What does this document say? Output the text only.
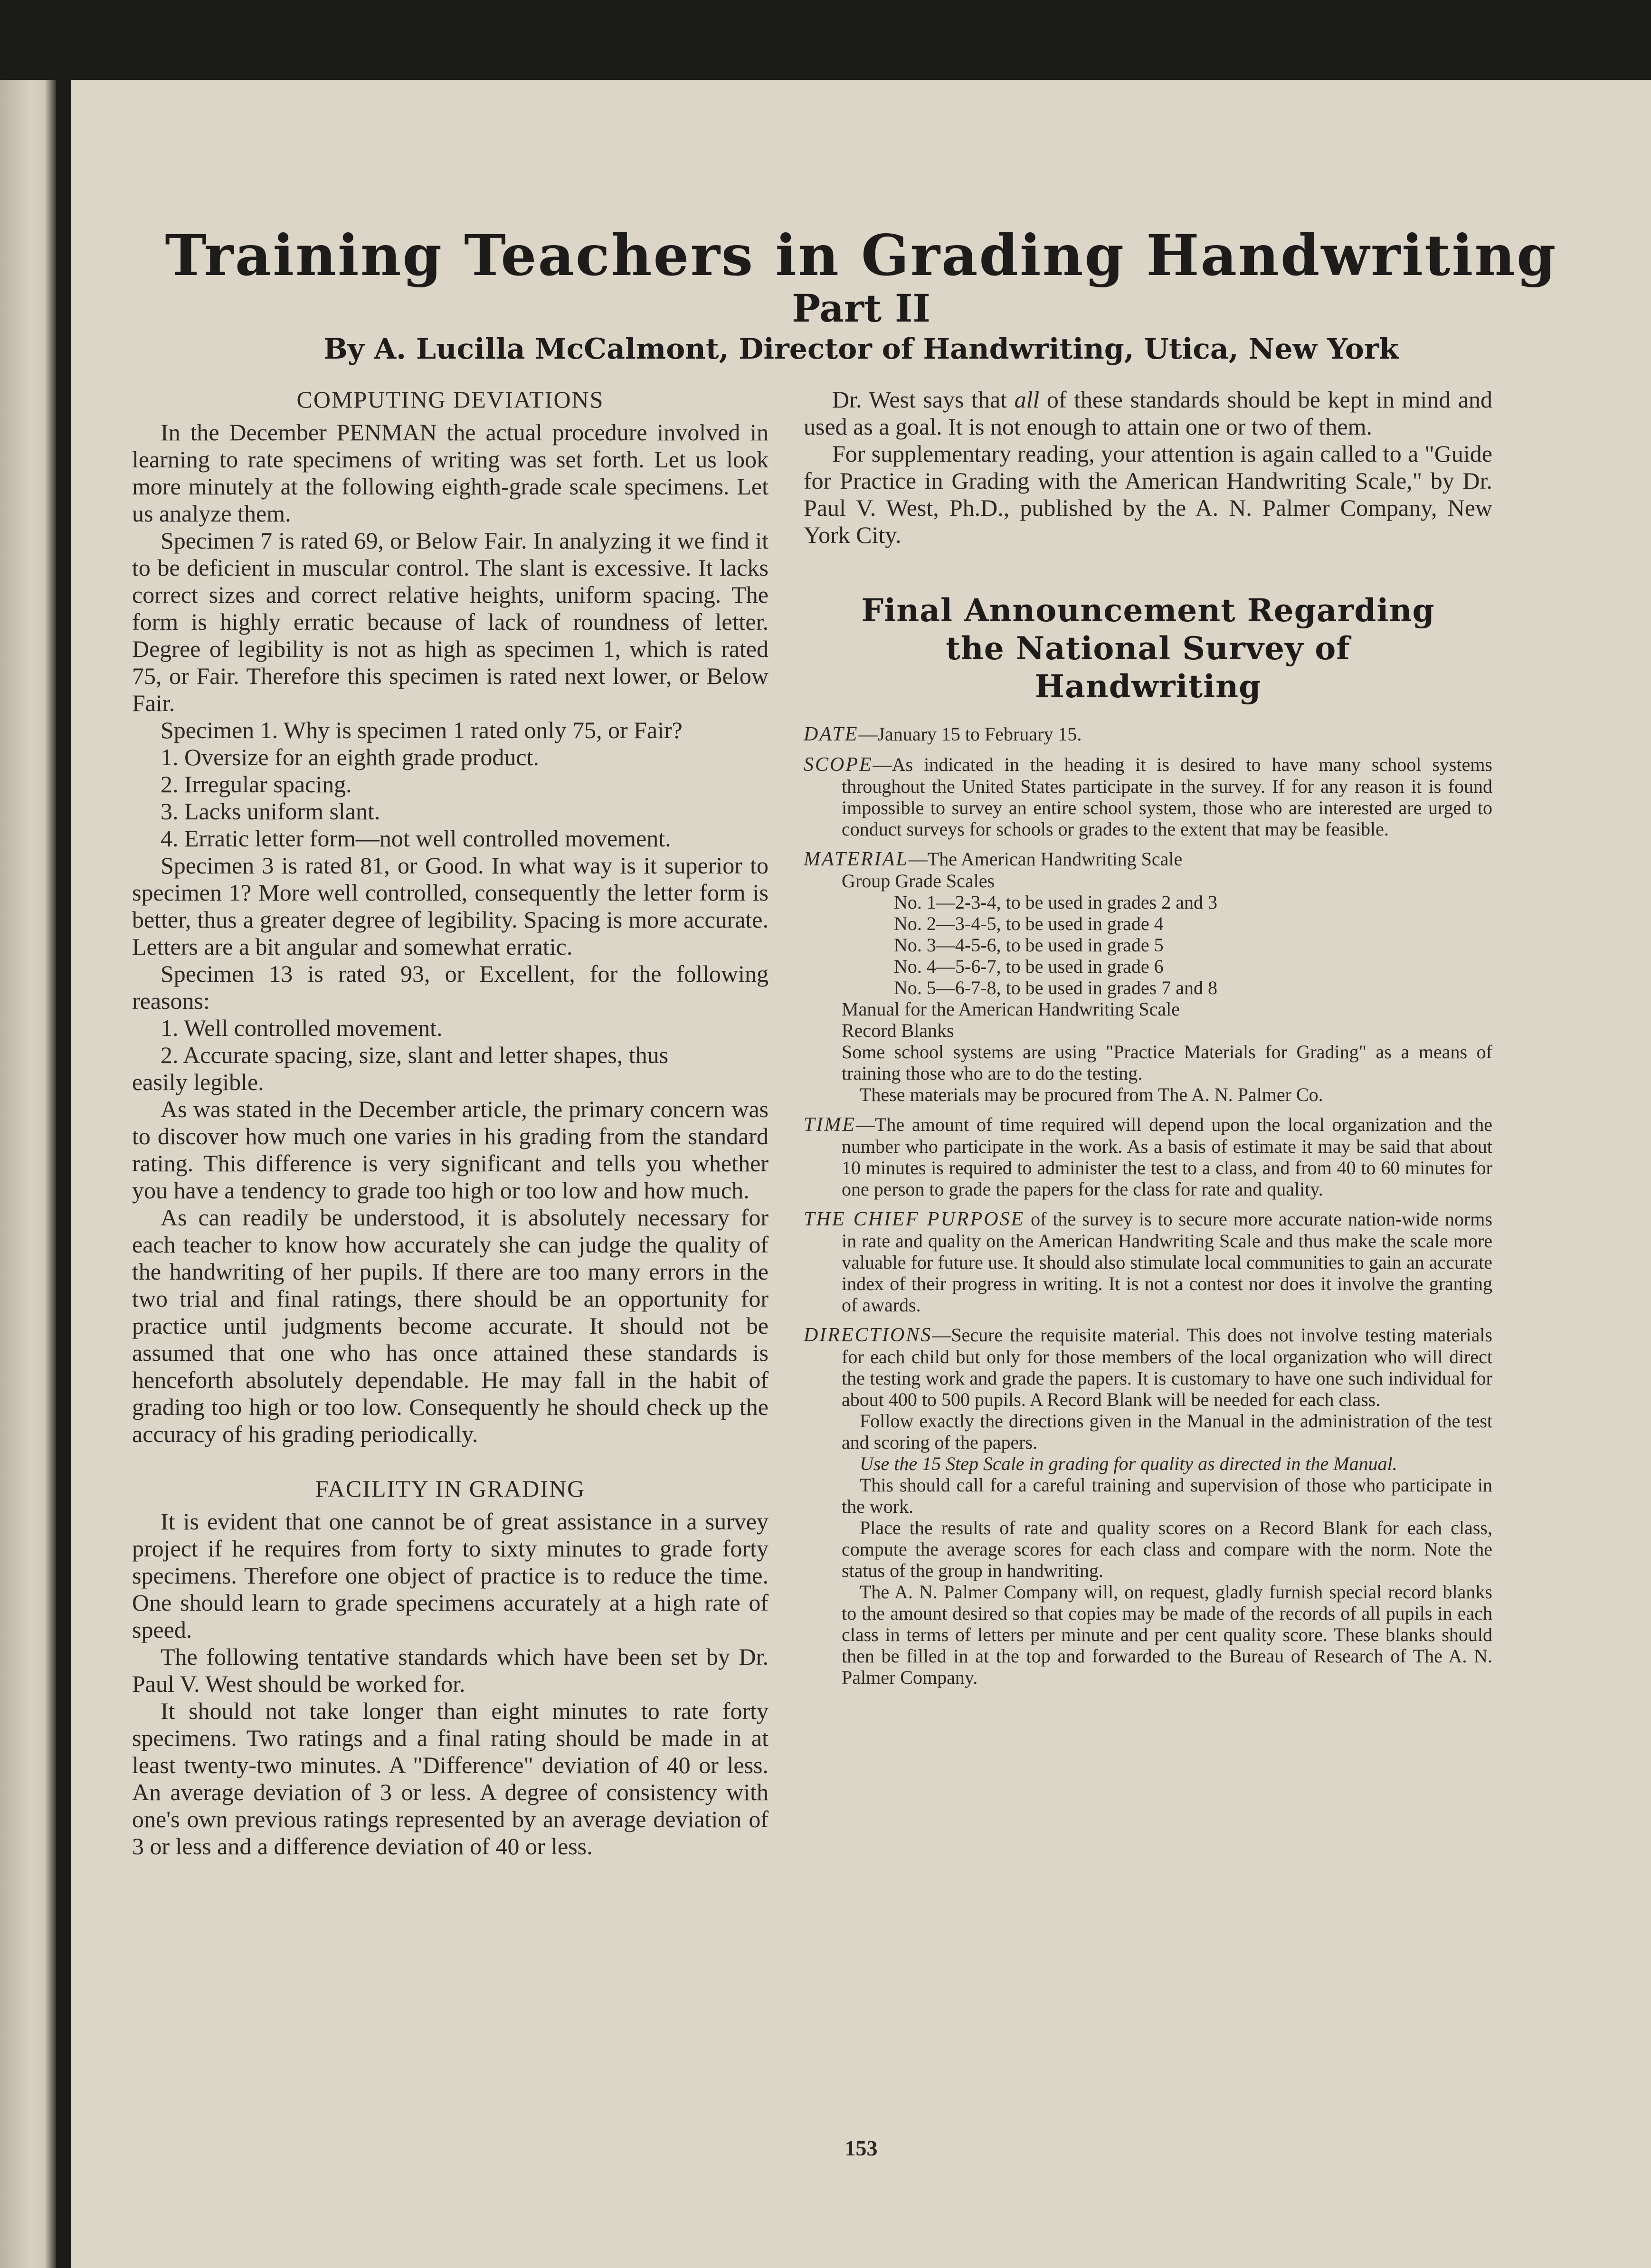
Training Teachers in Grading Handwriting
Part II
By A. Lucilla McCalmont, Director of Handwriting, Utica, New York
COMPUTING DEVIATIONS

In the December PENMAN the actual procedure involved in learning to rate specimens of writing was set forth. Let us look more minutely at the following eighth-grade scale specimens. Let us analyze them.

Specimen 7 is rated 69, or Below Fair. In analyzing it we find it to be deficient in muscular control. The slant is excessive. It lacks correct sizes and correct relative heights, uniform spacing. The form is highly erratic because of lack of roundness of letter. Degree of legibility is not as high as specimen 1, which is rated 75, or Fair. Therefore this specimen is rated next lower, or Below Fair.

Specimen 1. Why is specimen 1 rated only 75, or Fair?

1. Oversize for an eighth grade product.
2. Irregular spacing.
3. Lacks uniform slant.
4. Erratic letter form—not well controlled movement.

Specimen 3 is rated 81, or Good. In what way is it superior to specimen 1? More well controlled, consequently the letter form is better, thus a greater degree of legibility. Spacing is more accurate. Letters are a bit angular and somewhat erratic.

Specimen 13 is rated 93, or Excellent, for the following reasons:

1. Well controlled movement.
2. Accurate spacing, size, slant and letter shapes, thus

easily legible.

As was stated in the December article, the primary concern was to discover how much one varies in his grading from the standard rating. This difference is very significant and tells you whether you have a tendency to grade too high or too low and how much.

As can readily be understood, it is absolutely necessary for each teacher to know how accurately she can judge the quality of the handwriting of her pupils. If there are too many errors in the two trial and final ratings, there should be an opportunity for practice until judgments become accurate. It should not be assumed that one who has once attained these standards is henceforth absolutely dependable. He may fall in the habit of grading too high or too low. Consequently he should check up the accuracy of his grading periodically.

FACILITY IN GRADING

It is evident that one cannot be of great assistance in a survey project if he requires from forty to sixty minutes to grade forty specimens. Therefore one object of practice is to reduce the time. One should learn to grade specimens accurately at a high rate of speed.

The following tentative standards which have been set by Dr. Paul V. West should be worked for.

It should not take longer than eight minutes to rate forty specimens. Two ratings and a final rating should be made in at least twenty-two minutes. A "Difference" deviation of 40 or less. An average deviation of 3 or less. A degree of consistency with one's own previous ratings represented by an average deviation of 3 or less and a difference deviation of 40 or less.

Dr. West says that all of these standards should be kept in mind and used as a goal. It is not enough to attain one or two of them.

For supplementary reading, your attention is again called to a "Guide for Practice in Grading with the American Handwriting Scale," by Dr. Paul V. West, Ph.D., published by the A. N. Palmer Company, New York City.

Final Announcement Regarding
the National Survey of
Handwriting

DATE—January 15 to February 15.

SCOPE—As indicated in the heading it is desired to have many school systems throughout the United States participate in the survey. If for any reason it is found impossible to survey an entire school system, those who are interested are urged to conduct surveys for schools or grades to the extent that may be feasible.

MATERIAL—The American Handwriting Scale

Group Grade Scales

No. 1—2-3-4, to be used in grades 2 and 3

No. 2—3-4-5, to be used in grade 4

No. 3—4-5-6, to be used in grade 5

No. 4—5-6-7, to be used in grade 6

No. 5—6-7-8, to be used in grades 7 and 8

Manual for the American Handwriting Scale

Record Blanks

Some school systems are using "Practice Materials for Grading" as a means of training those who are to do the testing.

These materials may be procured from The A. N. Palmer Co.

TIME—The amount of time required will depend upon the local organization and the number who participate in the work. As a basis of estimate it may be said that about 10 minutes is required to administer the test to a class, and from 40 to 60 minutes for one person to grade the papers for the class for rate and quality.

THE CHIEF PURPOSE of the survey is to secure more accurate nation-wide norms in rate and quality on the American Handwriting Scale and thus make the scale more valuable for future use. It should also stimulate local communities to gain an accurate index of their progress in writing. It is not a contest nor does it involve the granting of awards.

DIRECTIONS—Secure the requisite material. This does not involve testing materials for each child but only for those members of the local organization who will direct the testing work and grade the papers. It is customary to have one such individual for about 400 to 500 pupils. A Record Blank will be needed for each class.

Follow exactly the directions given in the Manual in the administration of the test and scoring of the papers.

Use the 15 Step Scale in grading for quality as directed in the Manual.

This should call for a careful training and supervision of those who participate in the work.

Place the results of rate and quality scores on a Record Blank for each class, compute the average scores for each class and compare with the norm. Note the status of the group in handwriting.

The A. N. Palmer Company will, on request, gladly furnish special record blanks to the amount desired so that copies may be made of the records of all pupils in each class in terms of letters per minute and per cent quality score. These blanks should then be filled in at the top and forwarded to the Bureau of Research of The A. N. Palmer Company.

153
